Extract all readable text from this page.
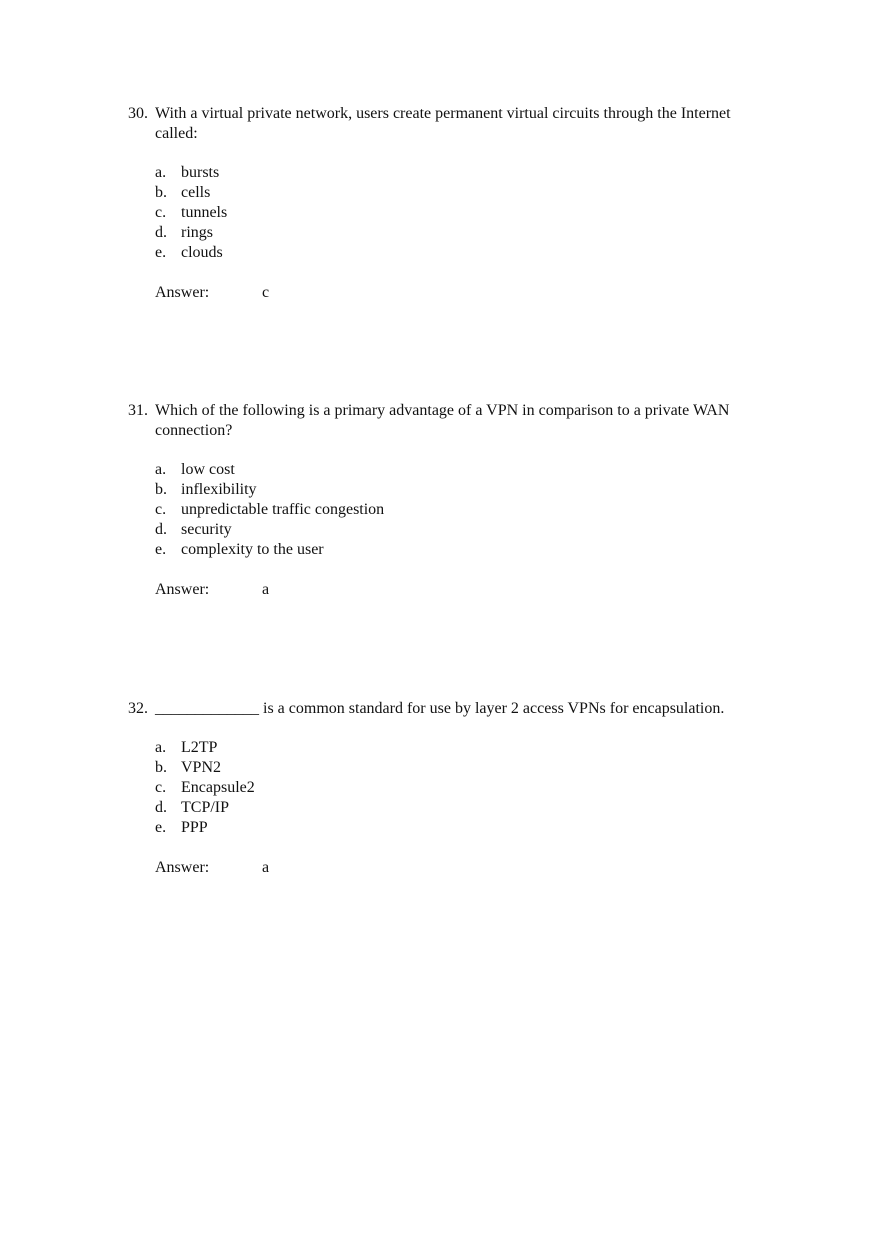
30. With a virtual private network, users create permanent virtual circuits through the Internet called:

a. bursts
b. cells
c. tunnels
d. rings
e. clouds
Answer:	c

31. Which of the following is a primary advantage of a VPN in comparison to a private WAN connection?

a. low cost
b. inflexibility
c. unpredictable traffic congestion
d. security
e. complexity to the user
Answer:	a

32. _____________ is a common standard for use by layer 2 access VPNs for encapsulation.

a. L2TP
b. VPN2
c. Encapsule2
d. TCP/IP
e. PPP
Answer:	a
